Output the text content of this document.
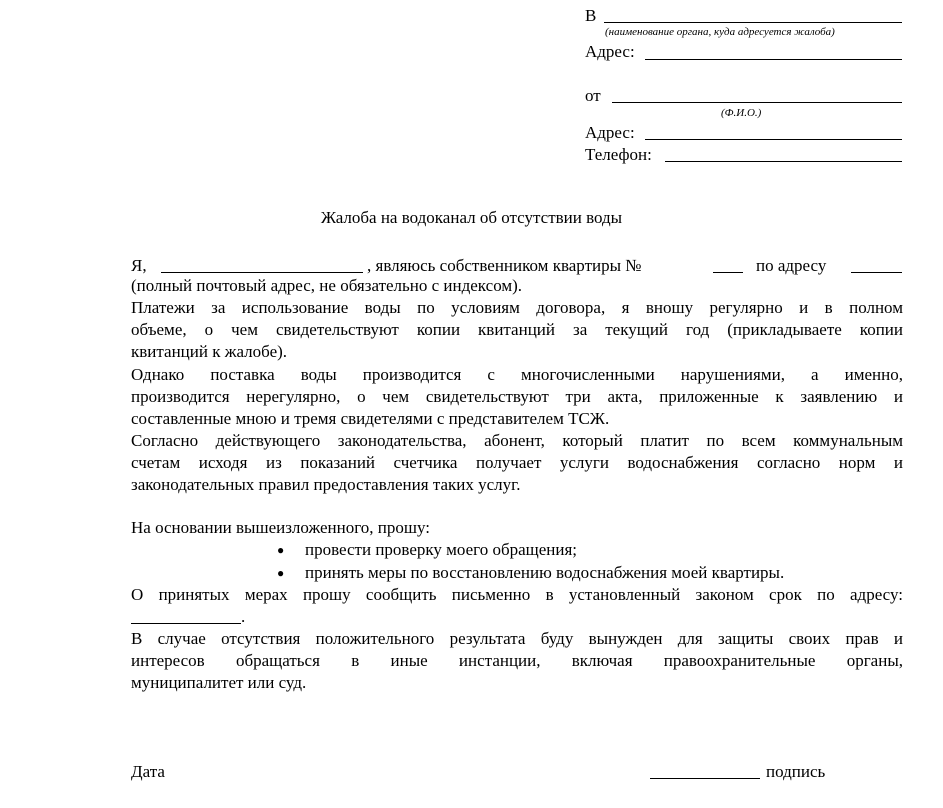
В
(наименование органа, куда адресуется жалоба)
Адрес:
от
(Ф.И.О.)
Адрес:
Телефон:
Жалоба на водоканал об отсутствии воды
Я,	, являюсь собственником квартиры №	по адресу
(полный почтовый адрес, не обязательно с индексом).
Платежи за использование воды по условиям договора, я вношу регулярно и в полном
объеме, о чем свидетельствуют копии квитанций за текущий год (прикладываете копии
квитанций к жалобе).
Однако поставка воды производится с многочисленными нарушениями, а именно,
производится нерегулярно, о чем свидетельствуют три акта, приложенные к заявлению и
составленные мною и тремя свидетелями с представителем ТСЖ.
Согласно действующего законодательства, абонент, который платит по всем коммунальным
счетам исходя из показаний счетчика получает услуги водоснабжения согласно норм и
законодательных правил предоставления таких услуг.
На основании вышеизложенного, прошу:
● провести проверку моего обращения;
● принять меры по восстановлению водоснабжения моей квартиры.
О принятых мерах прошу сообщить письменно в установленный законом срок по адресу:
.
В случае отсутствия положительного результата буду вынужден для защиты своих прав и
интересов обращаться в иные инстанции, включая правоохранительные органы,
муниципалитет или суд.
Дата	подпись
